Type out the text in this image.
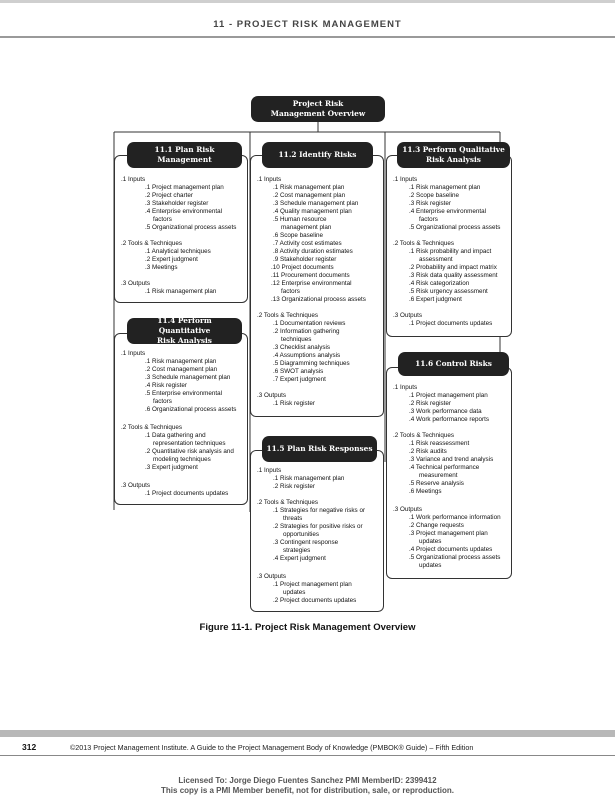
11 - PROJECT RISK MANAGEMENT
Project Risk
Management Overview
.1 Inputs
.1 Project management plan
.2 Project charter
.3 Stakeholder register
.4 Enterprise environmental
factors
.5 Organizational process assets
.2 Tools & Techniques
.1 Analytical techniques
.2 Expert judgment
.3 Meetings
.3 Outputs
.1 Risk management plan
11.1 Plan Risk
Management
.1 Inputs
.1 Risk management plan
.2 Cost management plan
.3 Schedule management plan
.4 Quality management plan
.5 Human resource
management plan
.6 Scope baseline
.7 Activity cost estimates
.8 Activity duration estimates
.9 Stakeholder register
.10 Project documents
.11 Procurement documents
.12 Enterprise environmental
factors
.13 Organizational process assets
.2 Tools & Techniques
.1 Documentation reviews
.2 Information gathering
techniques
.3 Checklist analysis
.4 Assumptions analysis
.5 Diagramming techniques
.6 SWOT analysis
.7 Expert judgment
.3 Outputs
.1 Risk register
11.2 Identify Risks
.1 Inputs
.1 Risk management plan
.2 Scope baseline
.3 Risk register
.4 Enterprise environmental
factors
.5 Organizational process assets
.2 Tools & Techniques
.1 Risk probability and impact
assessment
.2 Probability and impact matrix
.3 Risk data quality assessment
.4 Risk categorization
.5 Risk urgency assessment
.6 Expert judgment
.3 Outputs
.1 Project documents updates
11.3 Perform Qualitative
Risk Analysis
.1 Inputs
.1 Risk management plan
.2 Cost management plan
.3 Schedule management plan
.4 Risk register
.5 Enterprise environmental
factors
.6 Organizational process assets
.2 Tools & Techniques
.1 Data gathering and
representation techniques
.2 Quantitative risk analysis and
modeling techniques
.3 Expert judgment
.3 Outputs
.1 Project documents updates
11.4 Perform Quantitative
Risk Analysis
.1 Inputs
.1 Risk management plan
.2 Risk register
.2 Tools & Techniques
.1 Strategies for negative risks or
threats
.2 Strategies for positive risks or
opportunities
.3 Contingent response
strategies
.4 Expert judgment
.3 Outputs
.1 Project management plan
updates
.2 Project documents updates
11.5 Plan Risk Responses
.1 Inputs
.1 Project management plan
.2 Risk register
.3 Work performance data
.4 Work performance reports
.2 Tools & Techniques
.1 Risk reassessment
.2 Risk audits
.3 Variance and trend analysis
.4 Technical performance
measurement
.5 Reserve analysis
.6 Meetings
.3 Outputs
.1 Work performance information
.2 Change requests
.3 Project management plan
updates
.4 Project documents updates
.5 Organizational process assets
updates
11.6 Control Risks
Figure 11-1. Project Risk Management Overview
312	©2013 Project Management Institute. A Guide to the Project Management Body of Knowledge (PMBOK® Guide) – Fifth Edition
Licensed To: Jorge Diego Fuentes Sanchez PMI MemberID: 2399412
This copy is a PMI Member benefit, not for distribution, sale, or reproduction.
